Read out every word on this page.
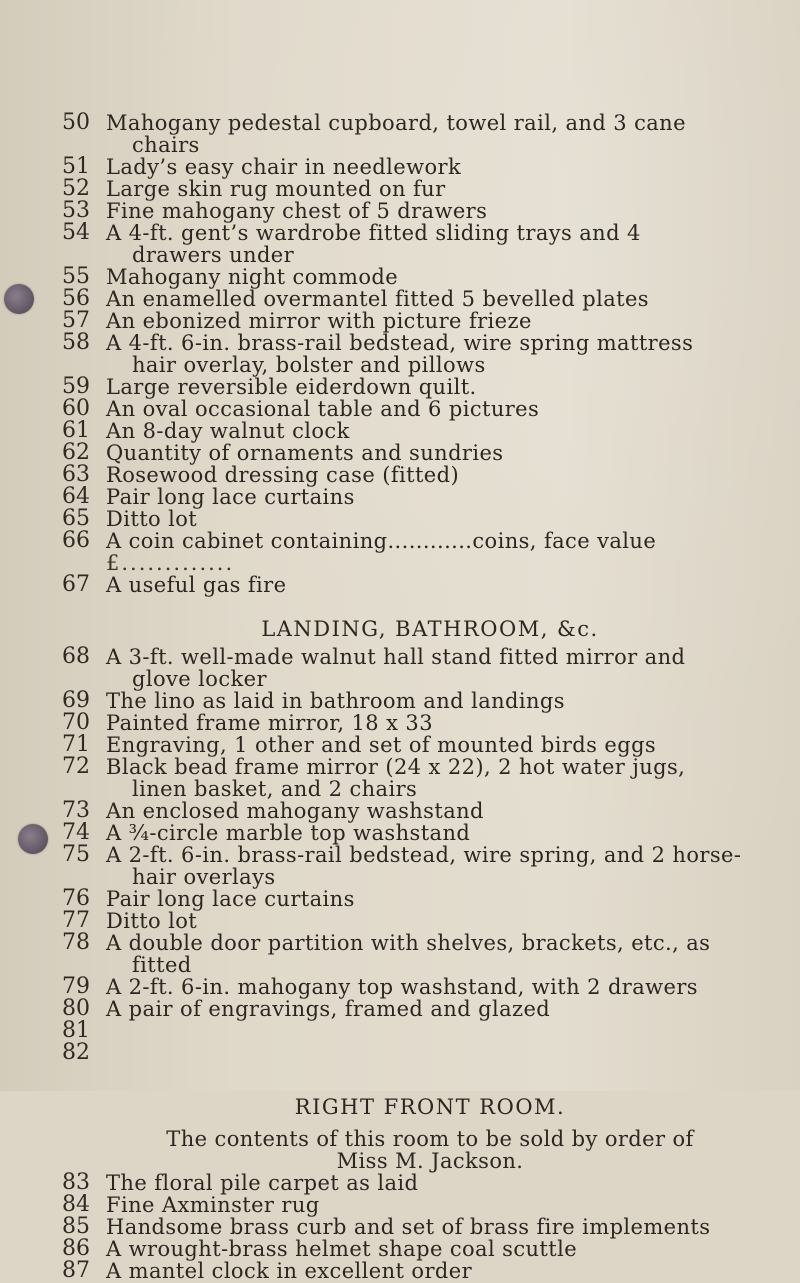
50 Mahogany pedestal cupboard, towel rail, and 3 cane
chairs
51 Lady’s easy chair in needlework
52 Large skin rug mounted on fur
53 Fine mahogany chest of 5 drawers
54 A 4-ft. gent’s wardrobe fitted sliding trays and 4
drawers under
55 Mahogany night commode
56 An enamelled overmantel fitted 5 bevelled plates
57 An ebonized mirror with picture frieze
58 A 4-ft. 6-in. brass-rail bedstead, wire spring mattress
hair overlay, bolster and pillows
59 Large reversible eiderdown quilt.
60 An oval occasional table and 6 pictures
61 An 8-day walnut clock
62 Quantity of ornaments and sundries
63 Rosewood dressing case (fitted)
64 Pair long lace curtains
65 Ditto lot
66 A coin cabinet containing............coins, face value
£.............
67 A useful gas fire
LANDING, BATHROOM, &c.
68 A 3-ft. well-made walnut hall stand fitted mirror and
glove locker
69 The lino as laid in bathroom and landings
70 Painted frame mirror, 18 x 33
71 Engraving, 1 other and set of mounted birds eggs
72 Black bead frame mirror (24 x 22), 2 hot water jugs,
linen basket, and 2 chairs
73 An enclosed mahogany washstand
74 A ¾-circle marble top washstand
75 A 2-ft. 6-in. brass-rail bedstead, wire spring, and 2 horse-
hair overlays
76 Pair long lace curtains
77 Ditto lot
78 A double door partition with shelves, brackets, etc., as
fitted
79 A 2-ft. 6-in. mahogany top washstand, with 2 drawers
80 A pair of engravings, framed and glazed
81

82

RIGHT FRONT ROOM.
The contents of this room to be sold by order of
Miss M. Jackson.
83 The floral pile carpet as laid
84 Fine Axminster rug
85 Handsome brass curb and set of brass fire implements
86 A wrought-brass helmet shape coal scuttle
87 A mantel clock in excellent order
